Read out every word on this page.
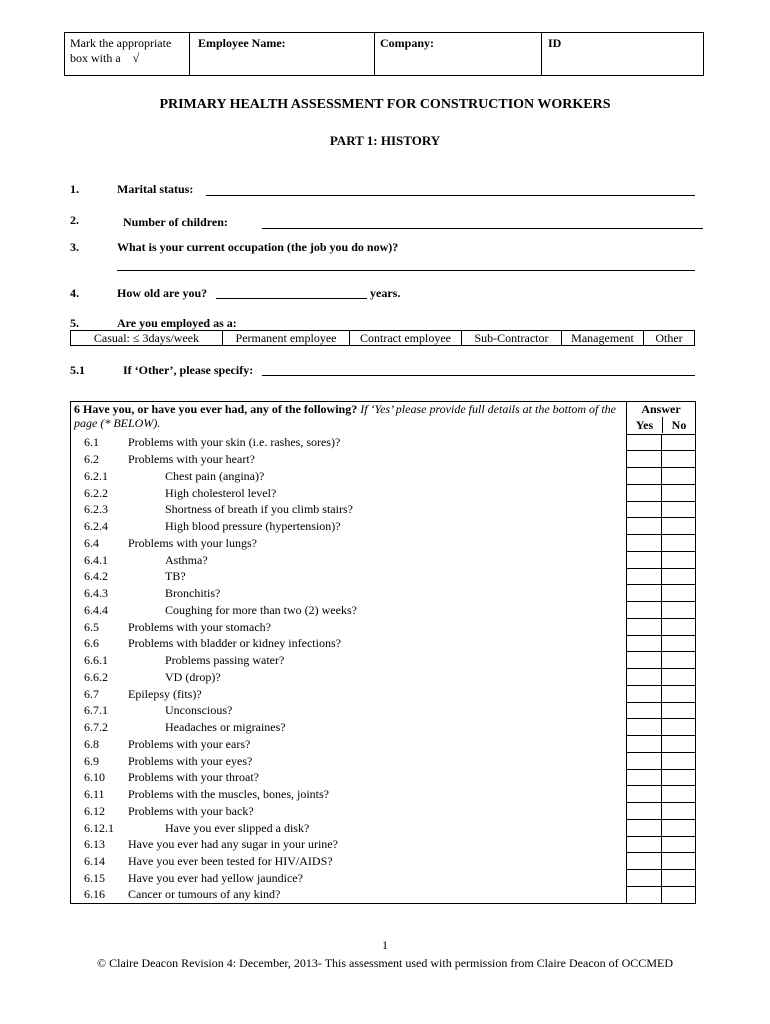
Mark the appropriate
box with a √
Employee Name:	Company:	ID
PRIMARY HEALTH ASSESSMENT FOR CONSTRUCTION WORKERS
PART 1: HISTORY
1.	Marital status:
2.	Number of children:
3.	What is your current occupation (the job you do now)?
4.	How old are you?	years.
5.	Are you employed as a:
Casual: ≤ 3days/week	Permanent employee	Contract employee	Sub-Contractor	Management	Other
5.1	If ‘Other’, please specify:
6 Have you, or have you ever had, any of the following? If ‘Yes’ please provide full details at the bottom of the page (* BELOW).	Answer
Yes No	

6.1 Problems with your skin (i.e. rashes, sores)?		
6.2 Problems with your heart?		
6.2.1 Chest pain (angina)?		
6.2.2 High cholesterol level?		
6.2.3 Shortness of breath if you climb stairs?		
6.2.4 High blood pressure (hypertension)?		
6.4 Problems with your lungs?		
6.4.1 Asthma?		
6.4.2 TB?		
6.4.3 Bronchitis?		
6.4.4 Coughing for more than two (2) weeks?		
6.5 Problems with your stomach?		
6.6 Problems with bladder or kidney infections?		
6.6.1 Problems passing water?		
6.6.2 VD (drop)?		
6.7 Epilepsy (fits)?		
6.7.1 Unconscious?		
6.7.2 Headaches or migraines?		
6.8 Problems with your ears?		
6.9 Problems with your eyes?		
6.10 Problems with your throat?		
6.11 Problems with the muscles, bones, joints?		
6.12 Problems with your back?		
6.12.1 Have you ever slipped a disk?		
6.13 Have you ever had any sugar in your urine?		
6.14 Have you ever been tested for HIV/AIDS?		
6.15 Have you ever had yellow jaundice?		
6.16 Cancer or tumours of any kind?		
1
© Claire Deacon Revision 4: December, 2013- This assessment used with permission from Claire Deacon of OCCMED
